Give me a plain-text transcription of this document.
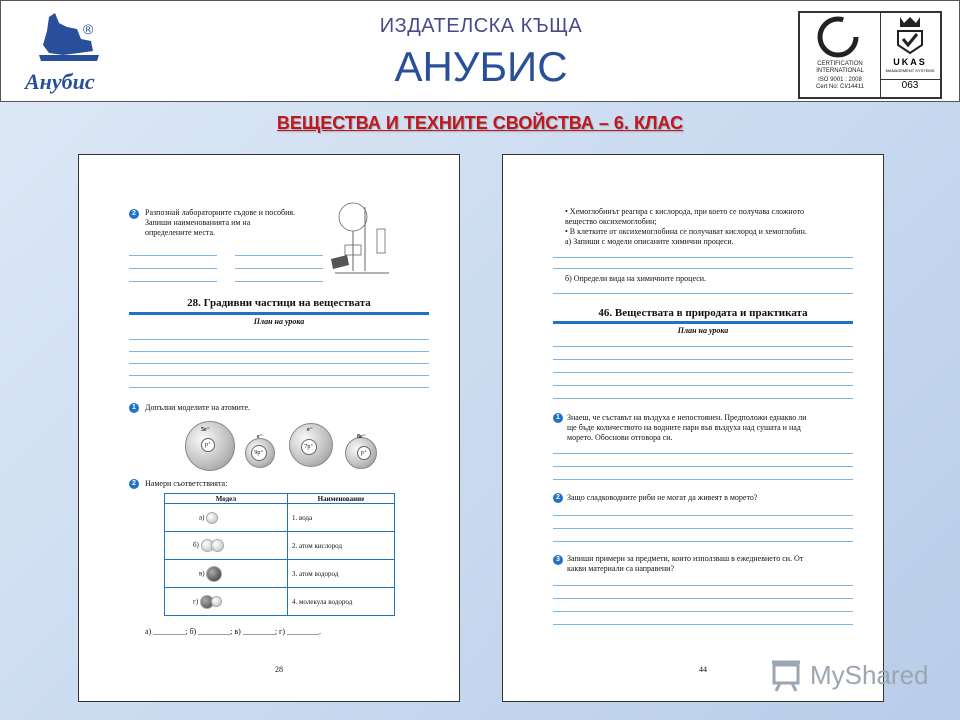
Анубис
®	ИЗДАТЕЛСКА КЪЩА
АНУБИС	CERTIFICATION
INTERNATIONAL
ISO 9001 : 2008
Cert No: CI/14411
UKAS
MANAGEMENT SYSTEMS
063
ВЕЩЕСТВА И ТЕХНИТЕ СВОЙСТВА – 6. КЛАС
2	Разпознай лабораторните съдове и пособия.
Запиши наименованията им на
определените места.
28. Градивни частици на веществата
План на урока
1	Допълни моделите на атомите.
5e⁻
p⁺
e⁻
9p⁺
e⁻
7p⁺
8e⁻
p⁺
2	Намери съответствията:
Модел	Наименование
а)	1. вода
б)	2. атом кислород
в)	3. атом водород
г)	4. молекула водород
а) ________; б) ________; в) ________; г) ________.
28
• Хемоглобинът реагира с кислорода, при което се получава сложното
вещество оксихемоглобин;
• В клетките от оксихемоглобина се получават кислород и хемоглобин.
а) Запиши с модели описаните химични процеси.
б) Определи вида на химичните процеси.
46. Веществата в природата и практиката
План на урока
1 Знаеш, че съставът на въздуха е непостоянен. Предположи еднакво ли
ще бъде количеството на водните пари във въздуха над сушата и над
морето. Обоснови отговора си.
2 Защо сладководните риби не могат да живеят в морето?
3 Запиши примери за предмети, които използваш в ежедневието си. От
какви материали са направени?
44	MyShared
